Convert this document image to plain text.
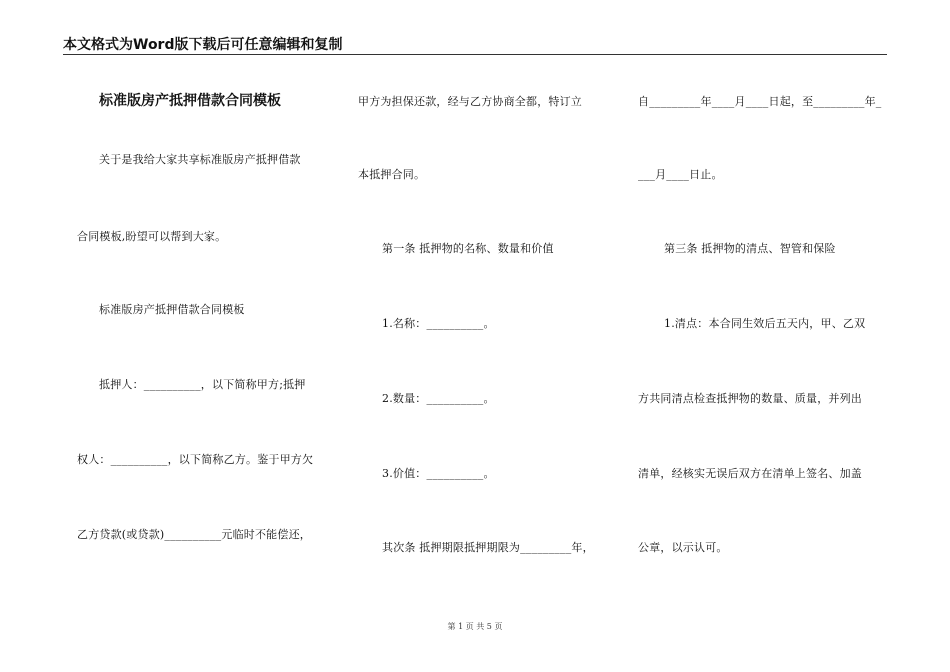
本文格式为Word版下载后可任意编辑和复制
标准版房产抵押借款合同模板
关于是我给大家共享标准版房产抵押借款
合同模板,盼望可以帮到大家。
标准版房产抵押借款合同模板
抵押人：__________，以下简称甲方;抵押
权人：__________，以下简称乙方。鉴于甲方欠
乙方贷款(或贷款)__________元临时不能偿还，
甲方为担保还款，经与乙方协商全都，特订立
本抵押合同。
第一条 抵押物的名称、数量和价值
1.名称：__________。
2.数量：__________。
3.价值：__________。
其次条 抵押期限抵押期限为_________年，
自_________年____月____日起，至_________年_
___月____日止。
第三条 抵押物的清点、智管和保险
1.清点：本合同生效后五天内，甲、乙双
方共同清点检查抵押物的数量、质量，并列出
清单，经核实无误后双方在清单上签名、加盖
公章，以示认可。
第 1 页 共 5 页
